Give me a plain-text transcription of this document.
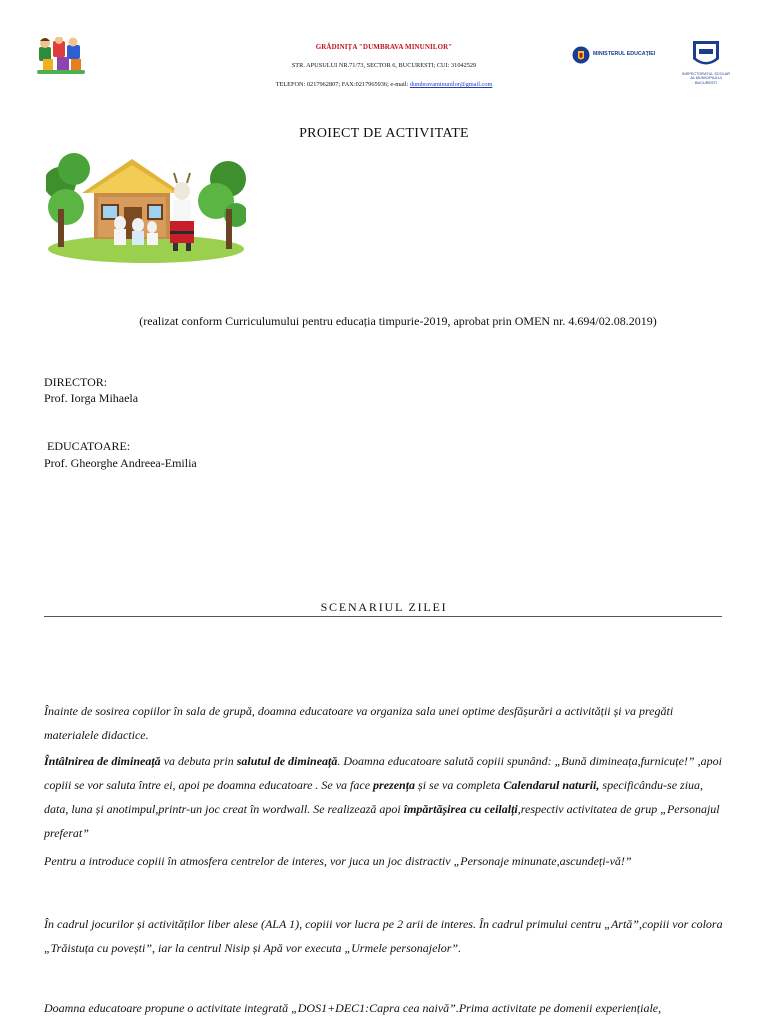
GRĂDINIȚA "DUMBRAVA MINUNILOR"
STR. APUSULUI NR.71/73, SECTOR 6, BUCURESTI; CUI: 31042529
TELEFON: 0217962807; FAX:0217965936; e-mail: dumbravaminunilor@gmail.com
MINISTERUL EDUCAȚIEI
INSPECTORATUL ȘCOLAR AL MUNICIPIULUI BUCUREȘTI
PROIECT DE ACTIVITATE
(realizat conform Curriculumului pentru educația timpurie-2019, aprobat prin OMEN nr. 4.694/02.08.2019)
DIRECTOR:
Prof. Iorga Mihaela
EDUCATOARE:
Prof. Gheorghe Andreea-Emilia
SCENARIUL ZILEI
Înainte de sosirea copiilor în sala de grupă, doamna educatoare va organiza sala unei optime desfășurări a activității și va pregăti materialele didactice.
Întâlnirea de dimineață va debuta prin salutul de dimineață. Doamna educatoare salută copiii spunând: „Bună dimineața,furnicuțe!” ,apoi copiii se vor saluta între ei, apoi pe doamna educatoare . Se va face prezența și se va completa Calendarul naturii, specificându-se ziua, data, luna și anotimpul,printr-un joc creat în wordwall. Se realizează apoi împărtășirea cu ceilalți,respectiv activitatea de grup „Personajul preferat”
Pentru a introduce copiii în atmosfera centrelor de interes, vor juca un joc distractiv „Personaje minunate,ascundeți-vă!”
În cadrul jocurilor și activităților liber alese (ALA 1), copiii vor lucra pe 2 arii de interes. În cadrul primului centru „Artă”,copiii vor colora „Trăistuța cu povești”, iar la centrul Nisip și Apă vor executa „Urmele personajelor”.
Doamna educatoare propune o activitate integrată „DOS1+DEC1:Capra cea naivă”.Prima activitate pe domenii experiențiale,
